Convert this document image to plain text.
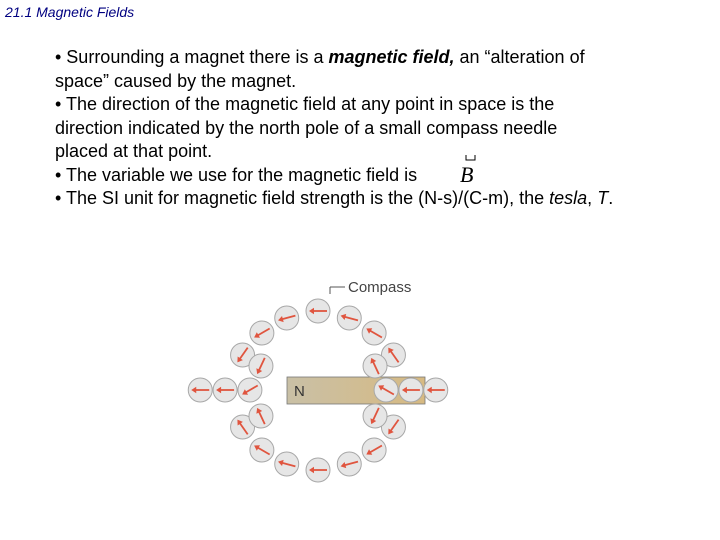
21.1 Magnetic Fields
• Surrounding a magnet there is a magnetic field, an “alteration of
space” caused by the magnet.
• The direction of the magnetic field at any point in space is the
direction indicated by the north pole of a small compass needle
placed at that point.
• The variable we use for the magnetic field is
• The SI unit for magnetic field strength is the (N-s)/(C-m), the tesla, T.
B
Compass
N
